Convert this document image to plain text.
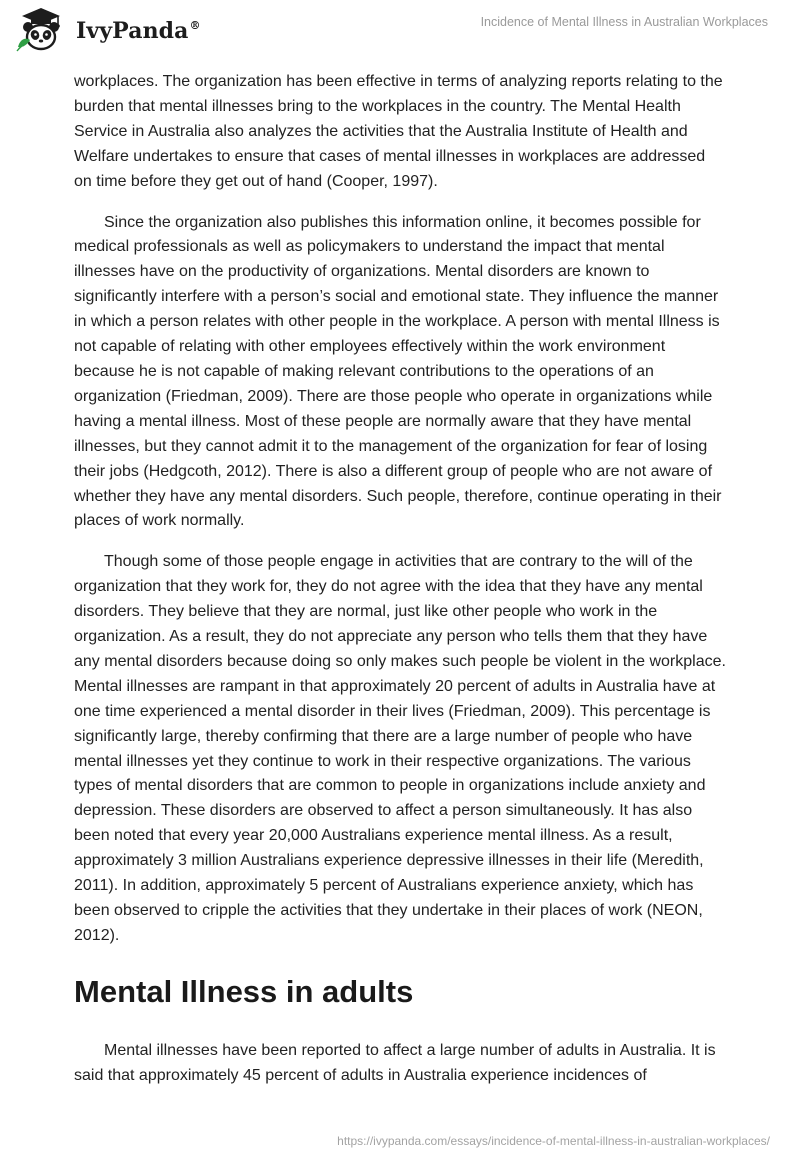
IvyPanda®	Incidence of Mental Illness in Australian Workplaces

workplaces. The organization has been effective in terms of analyzing reports relating to the burden that mental illnesses bring to the workplaces in the country. The Mental Health Service in Australia also analyzes the activities that the Australia Institute of Health and Welfare undertakes to ensure that cases of mental illnesses in workplaces are addressed on time before they get out of hand (Cooper, 1997).

Since the organization also publishes this information online, it becomes possible for medical professionals as well as policymakers to understand the impact that mental illnesses have on the productivity of organizations. Mental disorders are known to significantly interfere with a person’s social and emotional state. They influence the manner in which a person relates with other people in the workplace. A person with mental Illness is not capable of relating with other employees effectively within the work environment because he is not capable of making relevant contributions to the operations of an organization (Friedman, 2009). There are those people who operate in organizations while having a mental illness. Most of these people are normally aware that they have mental illnesses, but they cannot admit it to the management of the organization for fear of losing their jobs (Hedgcoth, 2012). There is also a different group of people who are not aware of whether they have any mental disorders. Such people, therefore, continue operating in their places of work normally.

Though some of those people engage in activities that are contrary to the will of the organization that they work for, they do not agree with the idea that they have any mental disorders. They believe that they are normal, just like other people who work in the organization. As a result, they do not appreciate any person who tells them that they have any mental disorders because doing so only makes such people be violent in the workplace. Mental illnesses are rampant in that approximately 20 percent of adults in Australia have at one time experienced a mental disorder in their lives (Friedman, 2009). This percentage is significantly large, thereby confirming that there are a large number of people who have mental illnesses yet they continue to work in their respective organizations. The various types of mental disorders that are common to people in organizations include anxiety and depression. These disorders are observed to affect a person simultaneously. It has also been noted that every year 20,000 Australians experience mental illness. As a result, approximately 3 million Australians experience depressive illnesses in their life (Meredith, 2011). In addition, approximately 5 percent of Australians experience anxiety, which has been observed to cripple the activities that they undertake in their places of work (NEON, 2012).

Mental Illness in adults

Mental illnesses have been reported to affect a large number of adults in Australia. It is said that approximately 45 percent of adults in Australia experience incidences of

https://ivypanda.com/essays/incidence-of-mental-illness-in-australian-workplaces/
